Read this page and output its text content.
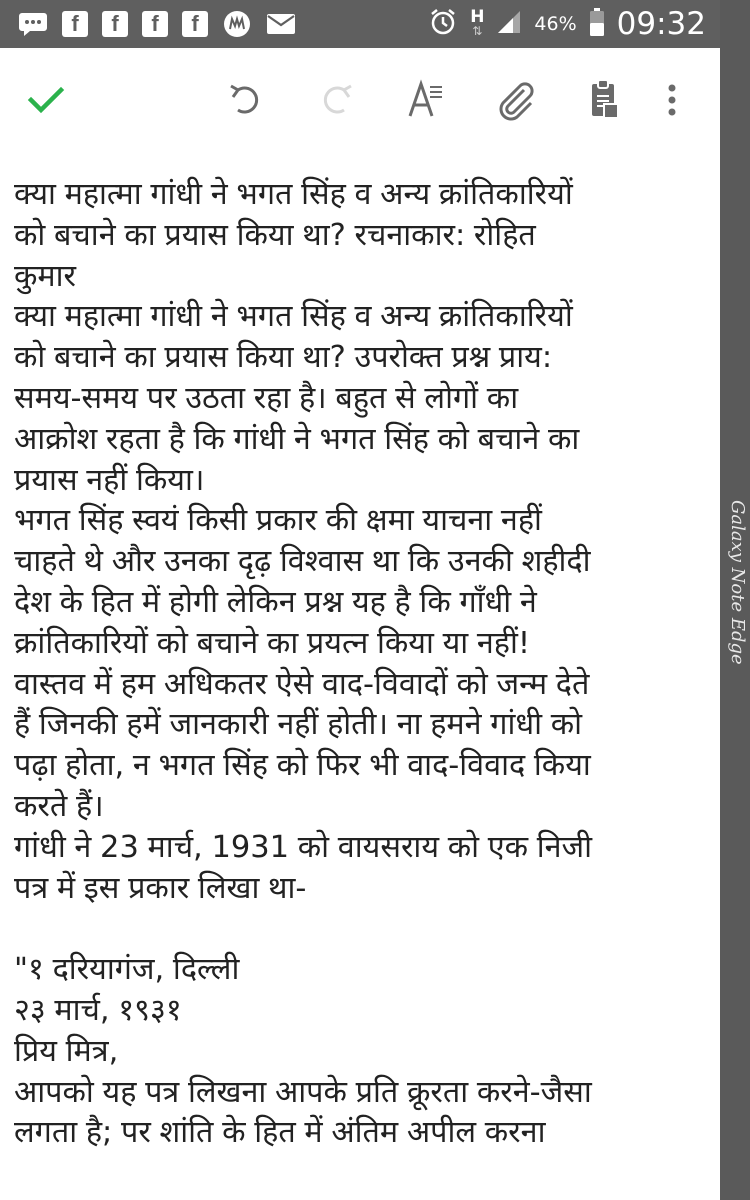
f	f	f	f	H
⇅	46% 09:32
Galaxy Note Edge
क्या महात्मा गांधी ने भगत सिंह व अन्य क्रांतिकारियों
को बचाने का प्रयास किया था? रचनाकार: रोहित
कुमार
क्या महात्मा गांधी ने भगत सिंह व अन्य क्रांतिकारियों
को बचाने का प्रयास किया था? उपरोक्त प्रश्न प्राय:
समय-समय पर उठता रहा है। बहुत से लोगों का
आक्रोश रहता है कि गांधी ने भगत सिंह को बचाने का
प्रयास नहीं किया।
भगत सिंह स्वयं किसी प्रकार की क्षमा याचना नहीं
चाहते थे और उनका दृढ़ विश्वास था कि उनकी शहीदी
देश के हित में होगी लेकिन प्रश्न यह है कि गाँधी ने
क्रांतिकारियों को बचाने का प्रयत्न किया या नहीं!
वास्तव में हम अधिकतर ऐसे वाद-विवादों को जन्म देते
हैं जिनकी हमें जानकारी नहीं होती। ना हमने गांधी को
पढ़ा होता, न भगत सिंह को फिर भी वाद-विवाद किया
करते हैं।
गांधी ने 23 मार्च, 1931 को वायसराय को एक निजी
पत्र में इस प्रकार लिखा था-
"१ दरियागंज, दिल्ली
२३ मार्च, १९३१
प्रिय मित्र,
आपको यह पत्र लिखना आपके प्रति क्रूरता करने-जैसा
लगता है; पर शांति के हित में अंतिम अपील करना
